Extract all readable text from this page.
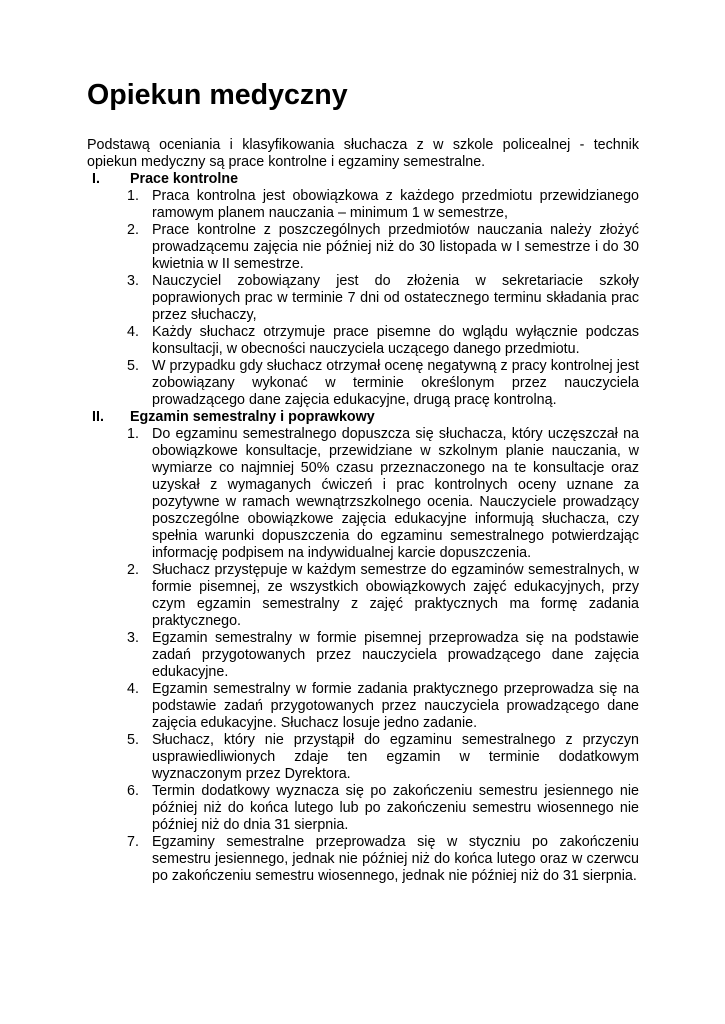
Opiekun medyczny

Podstawą oceniania i klasyfikowania słuchacza z w szkole policealnej - technik opiekun medyczny są prace kontrolne i egzaminy semestralne.

I. Prace kontrolne
1. Praca kontrolna jest obowiązkowa z każdego przedmiotu przewidzianego ramowym planem nauczania – minimum 1 w semestrze,
2. Prace kontrolne z poszczególnych przedmiotów nauczania należy złożyć prowadzącemu zajęcia nie później niż do 30 listopada w I semestrze i do 30 kwietnia w II semestrze.
3. Nauczyciel zobowiązany jest do złożenia w sekretariacie szkoły poprawionych prac w terminie 7 dni od ostatecznego terminu składania prac przez słuchaczy,
4. Każdy słuchacz otrzymuje prace pisemne do wglądu wyłącznie podczas konsultacji, w obecności nauczyciela uczącego danego przedmiotu.
5. W przypadku gdy słuchacz otrzymał ocenę negatywną z pracy kontrolnej jest zobowiązany wykonać w terminie określonym przez nauczyciela prowadzącego dane zajęcia edukacyjne, drugą pracę kontrolną.
II. Egzamin semestralny i poprawkowy
1. Do egzaminu semestralnego dopuszcza się słuchacza, który uczęszczał na obowiązkowe konsultacje, przewidziane w szkolnym planie nauczania, w wymiarze co najmniej 50% czasu przeznaczonego na te konsultacje oraz uzyskał z wymaganych ćwiczeń i prac kontrolnych oceny uznane za pozytywne w ramach wewnątrzszkolnego ocenia. Nauczyciele prowadzący poszczególne obowiązkowe zajęcia edukacyjne informują słuchacza, czy spełnia warunki dopuszczenia do egzaminu semestralnego potwierdzając informację podpisem na indywidualnej karcie dopuszczenia.
2. Słuchacz przystępuje w każdym semestrze do egzaminów semestralnych, w formie pisemnej, ze wszystkich obowiązkowych zajęć edukacyjnych, przy czym egzamin semestralny z zajęć praktycznych ma formę zadania praktycznego.
3. Egzamin semestralny w formie pisemnej przeprowadza się na podstawie zadań przygotowanych przez nauczyciela prowadzącego dane zajęcia edukacyjne.
4. Egzamin semestralny w formie zadania praktycznego przeprowadza się na podstawie zadań przygotowanych przez nauczyciela prowadzącego dane zajęcia edukacyjne. Słuchacz losuje jedno zadanie.
5. Słuchacz, który nie przystąpił do egzaminu semestralnego z przyczyn usprawiedliwionych zdaje ten egzamin w terminie dodatkowym wyznaczonym przez Dyrektora.
6. Termin dodatkowy wyznacza się po zakończeniu semestru jesiennego nie później niż do końca lutego lub po zakończeniu semestru wiosennego nie później niż do dnia 31 sierpnia.
7. Egzaminy semestralne przeprowadza się w styczniu po zakończeniu semestru jesiennego, jednak nie później niż do końca lutego oraz w czerwcu po zakończeniu semestru wiosennego, jednak nie później niż do 31 sierpnia.
